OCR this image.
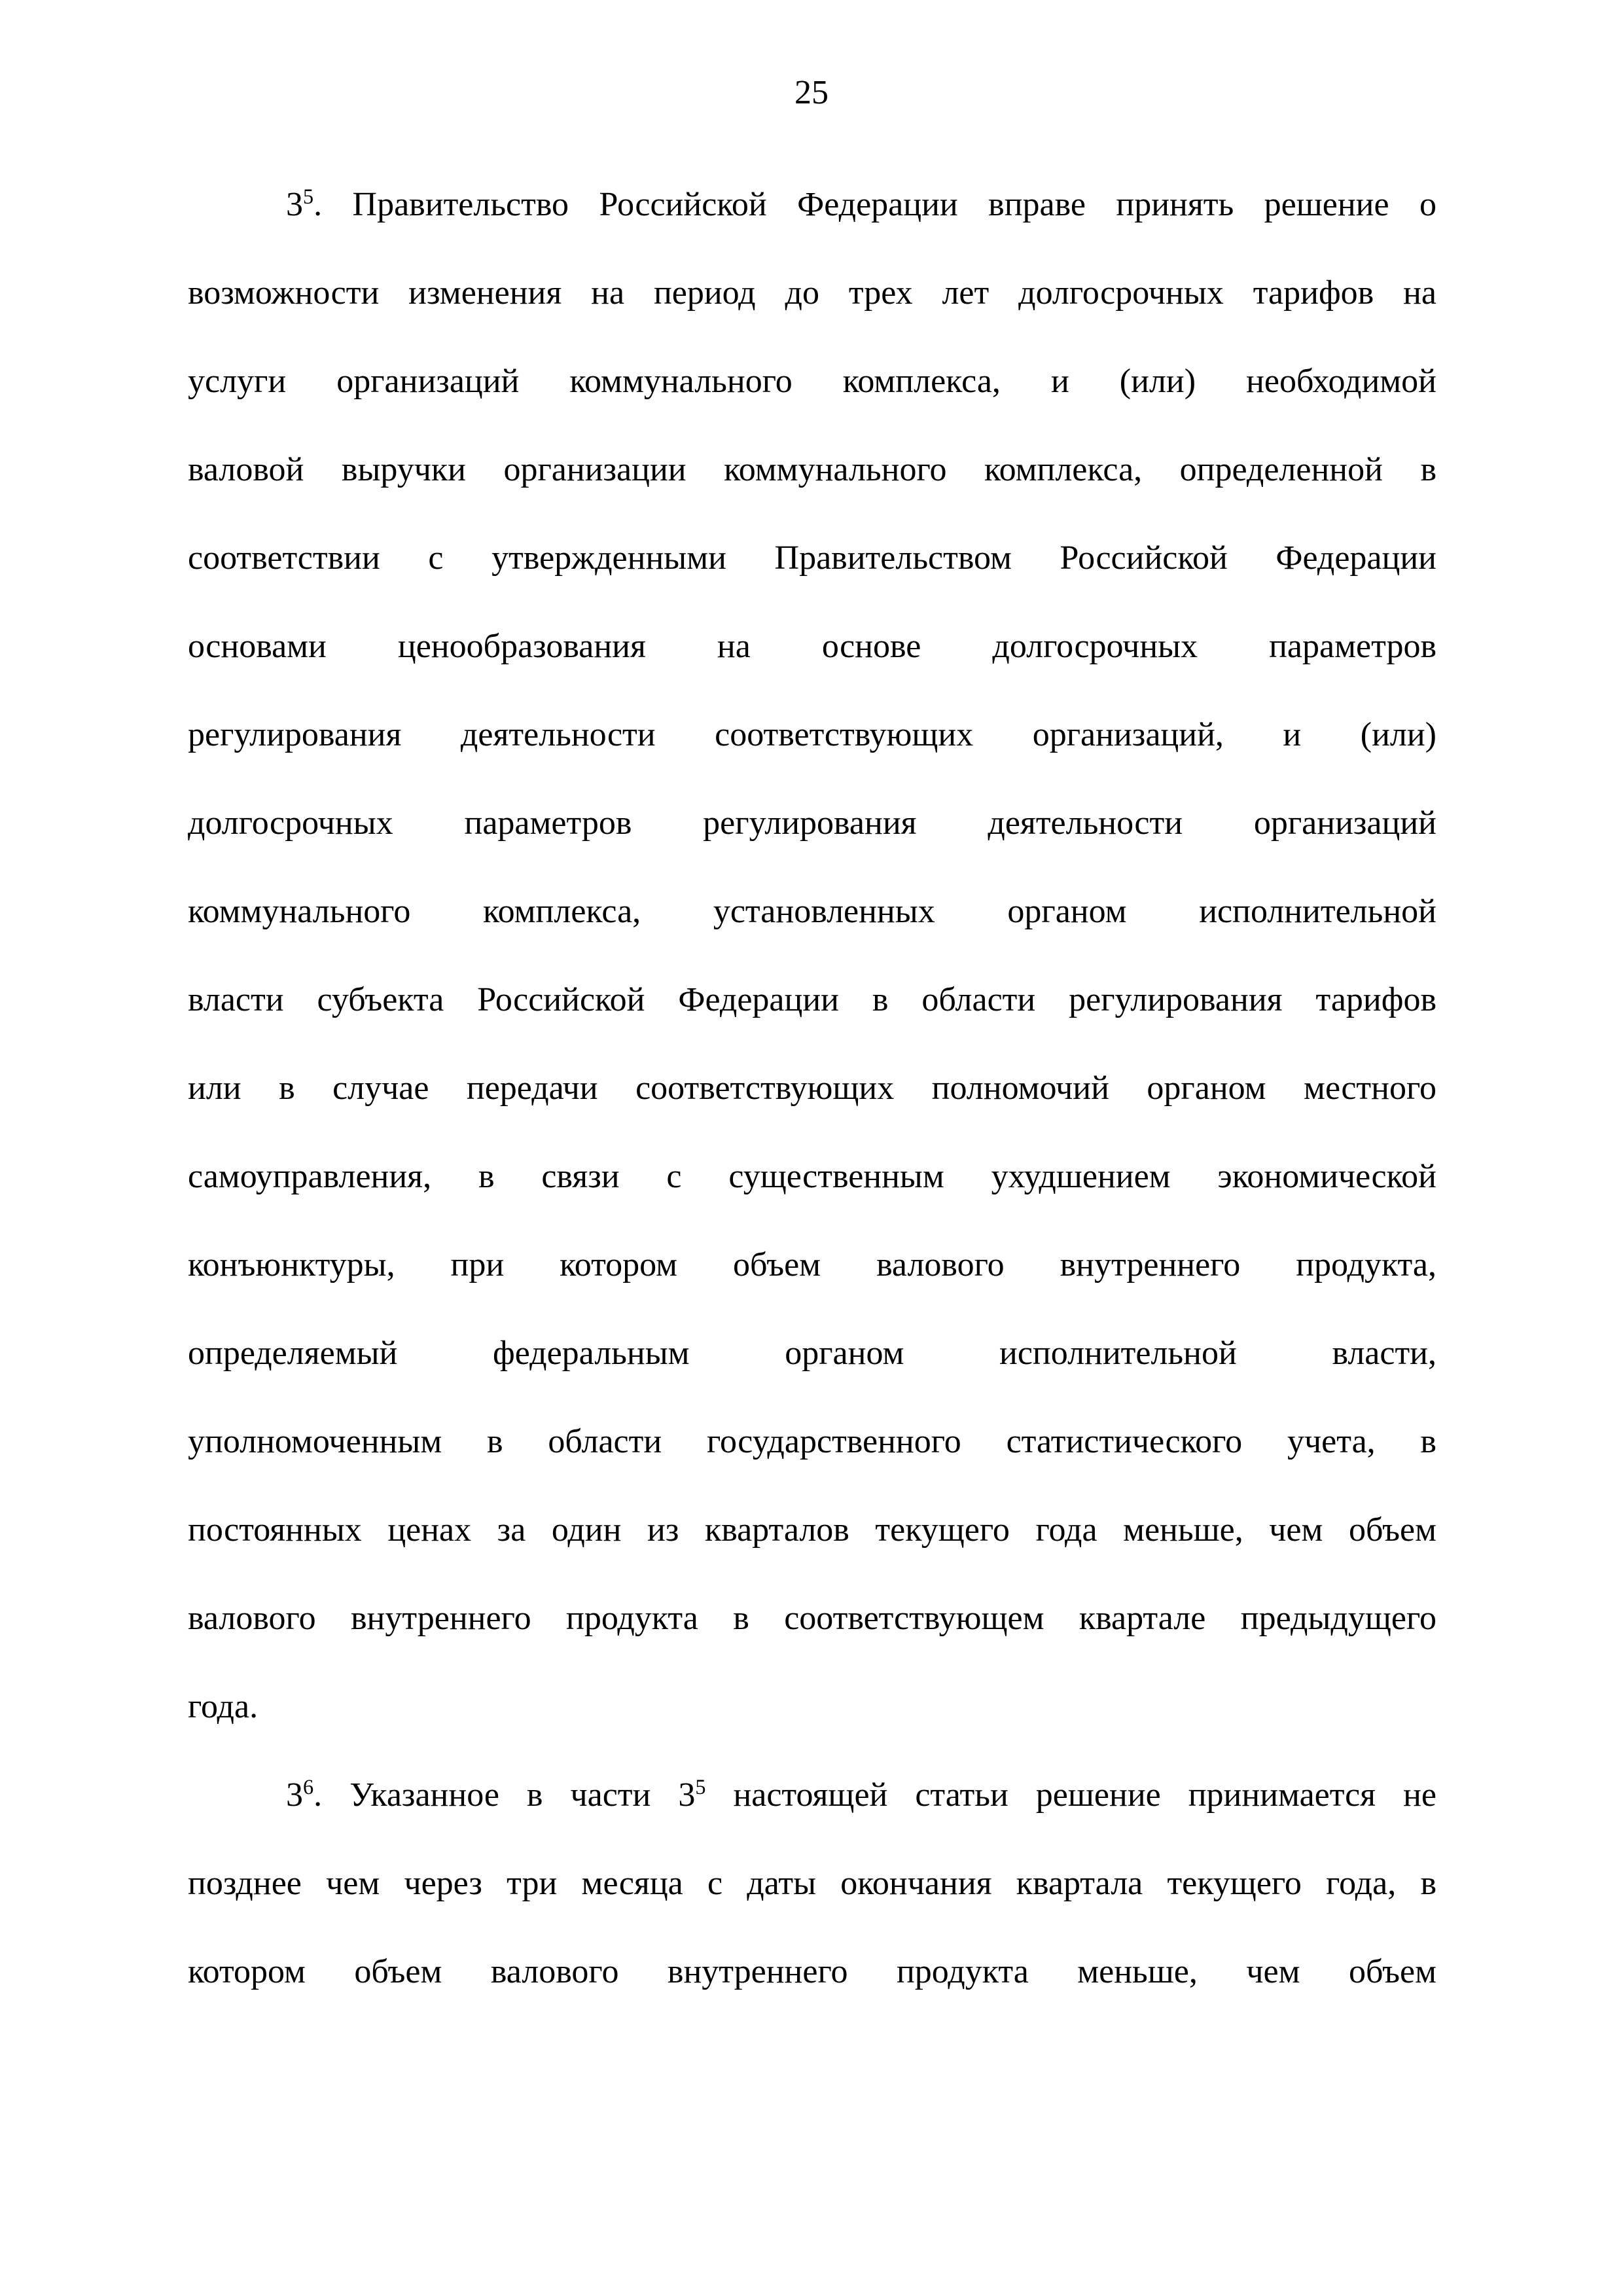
25
$3^5$. Правительство Российской Федерации вправе принять решение о
возможности изменения на период до трех лет долгосрочных тарифов на
услуги организаций коммунального комплекса, и (или) необходимой
валовой выручки организации коммунального комплекса, определенной в
соответствии с утвержденными Правительством Российской Федерации
основами ценообразования на основе долгосрочных параметров
регулирования деятельности соответствующих организаций, и (или)
долгосрочных параметров регулирования деятельности организаций
коммунального комплекса, установленных органом исполнительной
власти субъекта Российской Федерации в области регулирования тарифов
или в случае передачи соответствующих полномочий органом местного
самоуправления, в связи с существенным ухудшением экономической
конъюнктуры, при котором объем валового внутреннего продукта,
определяемый федеральным органом исполнительной власти,
уполномоченным в области государственного статистического учета, в
постоянных ценах за один из кварталов текущего года меньше, чем объем
валового внутреннего продукта в соответствующем квартале предыдущего
года.
$3^6$. Указанное в части $3^5$ настоящей статьи решение принимается не
позднее чем через три месяца с даты окончания квартала текущего года, в
котором объем валового внутреннего продукта меньше, чем объем
